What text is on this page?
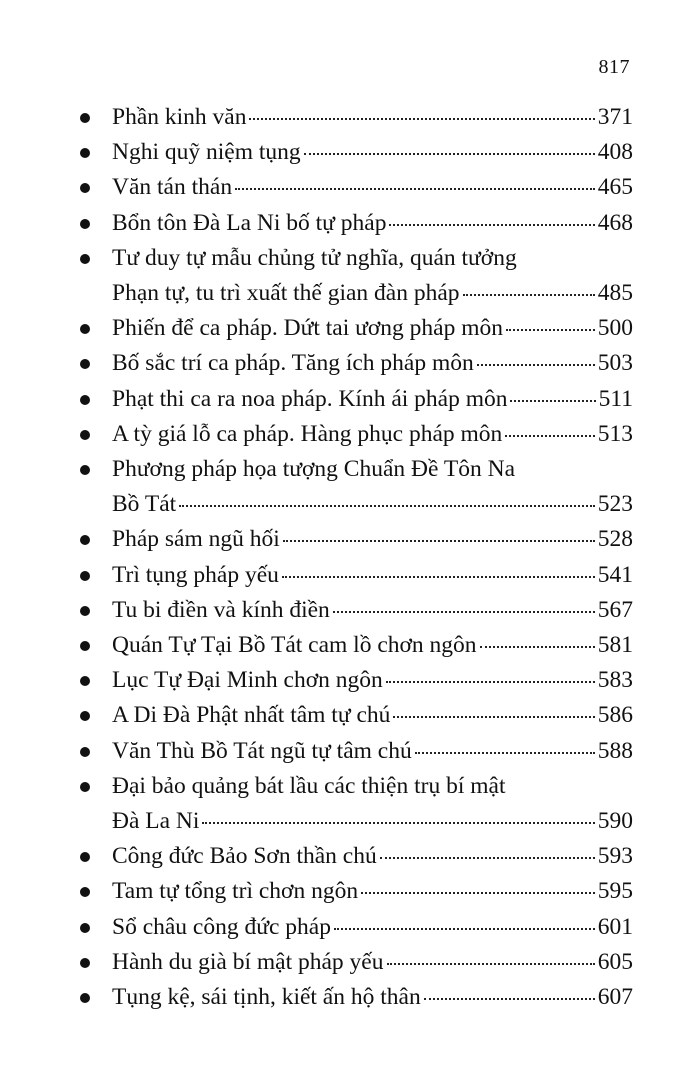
817
Phần kinh văn	371
Nghi quỹ niệm tụng	408
Văn tán thán	465
Bổn tôn Đà La Ni bố tự pháp	468
Tư duy tự mẫu chủng tử nghĩa, quán tưởng
Phạn tự, tu trì xuất thế gian đàn pháp	485
Phiến để ca pháp. Dứt tai ương pháp môn	500
Bố sắc trí ca pháp. Tăng ích pháp môn	503
Phạt thi ca ra noa pháp. Kính ái pháp môn	511
A tỳ giá lỗ ca pháp. Hàng phục pháp môn	513
Phương pháp họa tượng Chuẩn Đề Tôn Na
Bồ Tát	523
Pháp sám ngũ hối	528
Trì tụng pháp yếu	541
Tu bi điền và kính điền	567
Quán Tự Tại Bồ Tát cam lồ chơn ngôn	581
Lục Tự Đại Minh chơn ngôn	583
A Di Đà Phật nhất tâm tự chú	586
Văn Thù Bồ Tát ngũ tự tâm chú	588
Đại bảo quảng bát lầu các thiện trụ bí mật
Đà La Ni	590
Công đức Bảo Sơn thần chú	593
Tam tự tổng trì chơn ngôn	595
Sổ châu công đức pháp	601
Hành du già bí mật pháp yếu	605
Tụng kệ, sái tịnh, kiết ấn hộ thân	607
